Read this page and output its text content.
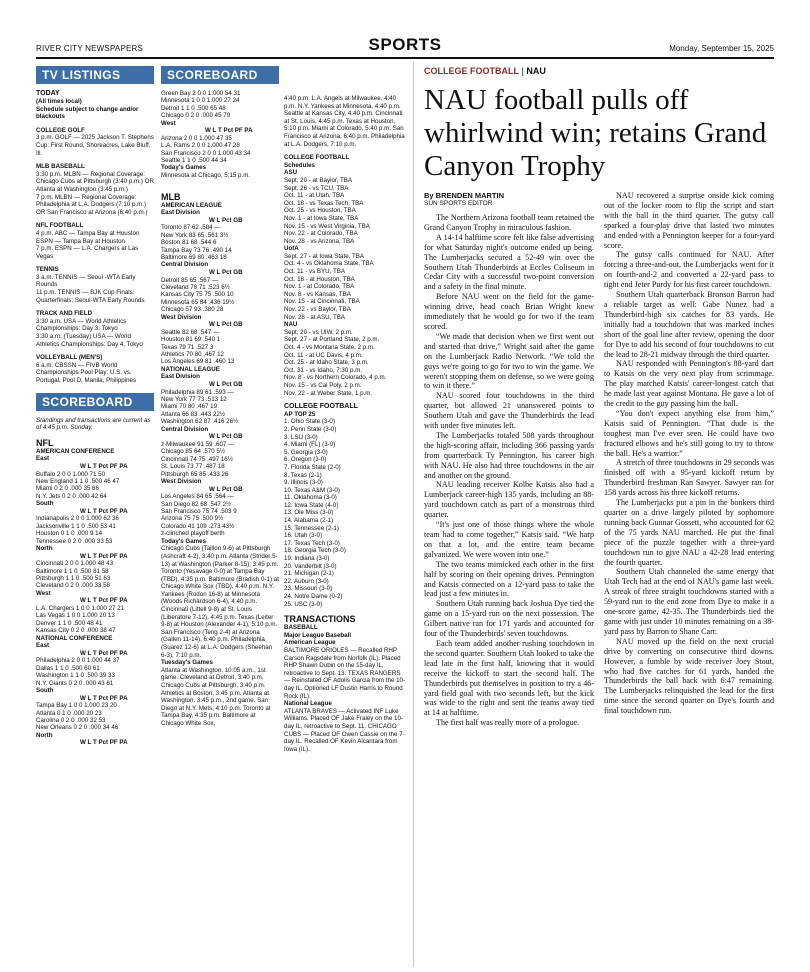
RIVER CITY NEWSPAPERS	SPORTS	Monday, September 15, 2025
TV LISTINGS
TODAY
(All times local)
Schedule subject to change and/or blackouts
COLLEGE GOLF
3 p.m. GOLF — 2025 Jackson T. Stephens Cup: First Round, Shoreacres, Lake Bluff, Ill.
MLB BASEBALL
3:30 p.m. MLBN — Regional Coverage: Chicago Cubs at Pittsburgh (3:40 p.m.) OR Atlanta at Washington (3:45 p.m.)
7 p.m. MLBN — Regional Coverage: Philadelphia at L.A. Dodgers (7:10 p.m.) OR San Francisco at Arizona (6:40 p.m.)
NFL FOOTBALL
4 p.m. ABC — Tampa Bay at Houston
ESPN — Tampa Bay at Houston
7 p.m. ESPN — L.A. Chargers at Las Vegas
TENNIS
3 a.m. TENNIS — Seoul -WTA Early Rounds
11 p.m. TENNIS — BJK Cup Finals: Quarterfinals; Seoul-WTA Early Rounds
TRACK AND FIELD
3:30 a.m. USA — World Athletics Championships: Day 3, Tokyo
3:30 a.m. (Tuesday) USA — World Athletics Championships: Day 4, Tokyo
VOLLEYBALL (MEN'S)
6 a.m. CBSSN — FIVB World Championships Pool Play: U.S. vs. Portugal, Pool D, Manila, Philippines
SCOREBOARD
Standings and transactions are current as of 4:45 p.m. Sunday.
NFL
AMERICAN CONFERENCE
East
W L T Pct PF PA
Buffalo 2 0 0 1.000 71 50
New England 1 1 0 .500 46 47
Miami 0 2 0 .000 35 66
N.Y. Jets 0 2 0 .000 42 64
South
W L T Pct PF PA
Indianapolis 2 0 0 1.000 62 36
Jacksonville 1 1 0 .500 53 41
Houston 0 1 0 .000 9 14
Tennessee 0 2 0 .000 33 53
North
W L T Pct PF PA
Cincinnati 2 0 0 1.000 48 43
Baltimore 1 1 0 .500 81 58
Pittsburgh 1 1 0 .500 51 63
Cleveland 0 2 0 .000 33 58
West
W L T Pct PF PA
L.A. Chargers 1 0 0 1.000 27 21
Las Vegas 1 0 0 1.000 20 13
Denver 1 1 0 .500 48 41
Kansas City 0 2 0 .000 38 47
NATIONAL CONFERENCE
East
W L T Pct PF PA
Philadelphia 2 0 0 1.000 44 37
Dallas 1 1 0 .500 60 61
Washington 1 1 0 .500 39 33
N.Y. Giants 0 2 0 .000 43 61
South
W L T Pct PF PA
Tampa Bay 1 0 0 1.000 23 20
Atlanta 0 1 0 .000 20 23
Carolina 0 2 0 .000 32 53
New Orleans 0 2 0 .000 34 46
North
W L T Pct PF PA
SCOREBOARD
Green Bay 2 0 0 1.000 54 31
Minnesota 1 0 0 1.000 27 24
Detroit 1 1 0 .500 65 48
Chicago 0 2 0 .000 45 79
West
W L T Pct PF PA
Arizona 2 0 0 1.000 47 35
L.A. Rams 2 0 0 1.000 47 28
San Francisco 2 0 0 1.000 43 34
Seattle 1 1 0 .500 44 34
Today's Games
Minnesota at Chicago, 5:15 p.m.
MLB
AMERICAN LEAGUE
East Division
W L Pct GB
Toronto 87 62 .584 —
New York 83 65 .561 3½
Boston 81 68 .544 6
Tampa Bay 73 76 .490 14
Baltimore 69 80 .463 18
Central Division
W L Pct GB
Detroit 85 65 .567 —
Cleveland 78 71 .523 6½
Kansas City 75 75 .500 10
Minnesota 65 84 .436 19½
Chicago 57 93 .380 28
West Division
W L Pct GB
Seattle 82 68 .547 —
Houston 81 69 .540 1
Texas 79 71 .527 3
Athletics 70 80 .467 12
Los Angeles 69 81 .460 13
NATIONAL LEAGUE
East Division
W L Pct GB
Philadelphia 89 61 .593 —
New York 77 73 .513 12
Miami 70 80 .467 19
Atlanta 66 83 .443 22½
Washington 62 87 .416 26½
Central Division
W L Pct GB
z-Milwaukee 91 59 .607 —
Chicago 85 64 .570 5½
Cincinnati 74 75 .497 16½
St. Louis 73 77 .487 18
Pittsburgh 65 85 .433 26
West Division
W L Pct GB
Los Angeles 84 65 .564 —
San Diego 82 68 .547 2½
San Francisco 75 74 .503 9
Arizona 75 75 .500 9½
Colorado 41 109 .273 43½
z-clinched playoff berth
Today's Games
Chicago Cubs (Taillon 9-6) at Pittsburgh (Ashcraft 4-2), 3:40 p.m. Atlanta (Strider 5-13) at Washington (Parker 8-15), 3:45 p.m. Toronto (Yesavage 0-0) at Tampa Bay (TBD), 4:35 p.m. Baltimore (Bradish 0-1) at Chicago White Sox (TBD), 4:40 p.m. N.Y. Yankees (Rodon 16-8) at Minnesota (Woods Richardson 6-4), 4:40 p.m. Cincinnati (Littell 9-8) at St. Louis (Liberatore 7-12), 4:45 p.m. Texas (Leiter 9-8) at Houston (Alexander 4-1), 5:10 p.m. San Francisco (Teng 2-4) at Arizona (Gallen 11-14), 6:40 p.m. Philadelphia (Suarez 12-6) at L.A. Dodgers (Sheehan 6-3), 7:10 p.m.
Tuesday's Games
Atlanta at Washington, 10:05 a.m., 1st game. Cleveland at Detroit, 3:40 p.m. Chicago Cubs at Pittsburgh, 3:40 p.m. Athletics at Boston, 3:45 p.m. Atlanta at Washington, 3:45 p.m., 2nd game. San Diego at N.Y. Mets, 4:10 p.m. Toronto at Tampa Bay, 4:35 p.m. Baltimore at Chicago White Sox,
4:40 p.m. L.A. Angels at Milwaukee, 4:40 p.m. N.Y. Yankees at Minnesota, 4:40 p.m. Seattle at Kansas City, 4:40 p.m. Cincinnati at St. Louis, 4:45 p.m. Texas at Houston, 5:10 p.m. Miami at Colorado, 5:40 p.m. San Francisco at Arizona, 6:40 p.m. Philadelphia at L.A. Dodgers, 7:10 p.m.
COLLEGE FOOTBALL
Schedules
ASU
Sept. 20 - at Baylor, TBA
Sept. 26 - vs TCU, TBA
Oct. 11 - at Utah, TBA
Oct. 18 - vs Texas Tech, TBA
Oct. 25 - vs Houston, TBA
Nov. 1 - at Iowa State, TBA
Nov. 15 - vs West Virginia, TBA
Nov. 22 - at Colorado, TBA
Nov. 28 - vs Arizona, TBA
UofA
Sept. 27 - at Iowa State, TBA
Oct. 4 - vs Oklahoma State, TBA
Oct. 11 - vs BYU, TBA
Oct. 18 - at Houston, TBA
Nov. 1 - at Colorado, TBA
Nov. 8 - vs Kansas, TBA
Nov. 15 - at Cincinnati, TBA
Nov. 22 - vs Baylor, TBA
Nov. 28 - at ASU, TBA
NAU
Sept. 20 - vs UIW, 2 p.m.
Sept. 27 - at Portland State, 2 p.m.
Oct. 4 - vs Montana State, 2 p.m.
Oct. 11 - at UC Davis, 4 p.m.
Oct. 25 - at Idaho State, 3 p.m.
Oct. 31 - vs Idaho, 7:30 p.m.
Nov. 8 - vs Northern Colorado, 4 p.m.
Nov. 15 - vs Cal Poly, 2 p.m.
Nov. 22 - at Weber State, 1 p.m.
COLLEGE FOOTBALL
AP TOP 25
1. Ohio State (3-0)
2. Penn State (3-0)
3. LSU (3-0)
4. Miami (FL) (3-0)
5. Georgia (3-0)
6. Oregon (3-0)
7. Florida State (2-0)
8. Texas (2-1)
9. Illinois (3-0)
10. Texas A&M (3-0)
11. Oklahoma (3-0)
12. Iowa State (4-0)
13. Ole Miss (3-0)
14. Alabama (2-1)
15. Tennessee (2-1)
16. Utah (3-0)
17. Texas Tech (3-0)
18. Georgia Tech (3-0)
19. Indiana (3-0)
20. Vanderbilt (3-0)
21. Michigan (2-1)
22. Auburn (3-0)
23. Missouri (3-0)
24. Notre Dame (0-2)
25. USC (3-0)
TRANSACTIONS
BASEBALL
Major League Baseball
American League
BALTIMORE ORIOLES — Recalled RHP Carson Ragsdale from Norfolk (IL). Placed RHP Shawn Dubin on the 15-day IL, retroactive to Sept. 13. TEXAS RANGERS — Reinstated OF Adolis Garcia from the 10-day IL. Optioned LF Dustin Harris to Round Rock (IL).
National League
ATLANTA BRAVES — Activated INF Luke Williams. Placed OF Jake Fraley on the 10-day IL, retroactive to Sept. 11. CHICAGO CUBS — Placed OF Owen Cassie on the 7-day IL. Recalled OF Kevin Alcantara from Iowa (IL).
COLLEGE FOOTBALL | NAU
NAU football pulls off whirlwind win; retains Grand Canyon Trophy
By BRENDEN MARTIN
SUN SPORTS EDITOR

The Northern Arizona football team retained the Grand Canyon Trophy in miraculous fashion.

A 14-14 halftime score felt like false advertising for what Saturday night's outcome ended up being. The Lumberjacks secured a 52-49 win over the Southern Utah Thunderbirds at Eccles Coliseum in Cedar City with a successful two-point conversion and a safety in the final minute.

Before NAU went on the field for the game-winning drive, head coach Brian Wright knew immediately that he would go for two if the team scored.

“We made that decision when we first went out and started that drive,” Wright said after the game on the Lumberjack Radio Network. “We told the guys we're going to go for two to win the game. We weren't stopping them on defense, so we were going to win it there.”

NAU scored four touchdowns in the third quarter, but allowed 21 unanswered points to Southern Utah and gave the Thunderbirds the lead with under five minutes left.

The Lumberjacks totaled 508 yards throughout the high-scoring affair, including 366 passing yards from quarterback Ty Pennington, his career high with NAU. He also had three touchdowns in the air and another on the ground.

NAU leading receiver Kolbe Katsis also had a Lumberjack career-high 135 yards, including an 88-yard touchdown catch as part of a monstrous third quarter.

“It's just one of those things where the whole team had to come together,” Katsis said. “We harp on that a lot, and the entire team became galvanized. We were woven into one.”

The two teams mimicked each other in the first half by scoring on their opening drives. Pennington and Katsis connected on a 12-yard pass to take the lead just a few minutes in.

Southern Utah running back Joshua Dye tied the game on a 15-yard run on the next possession. The Gilbert native ran for 171 yards and accounted for four of the Thunderbirds' seven touchdowns.

Each team added another rushing touchdown in the second quarter. Southern Utah looked to take the lead late in the first half, knowing that it would receive the kickoff to start the second half. The Thunderbirds put themselves in position to try a 46-yard field goal with two seconds left, but the kick was wide to the right and sent the teams away tied at 14 at halftime.

The first half was really more of a prologue.

NAU recovered a surprise onside kick coming out of the locker room to flip the script and start with the ball in the third quarter. The gutsy call sparked a four-play drive that lasted two minutes and ended with a Pennington keeper for a four-yard score.

The gutsy calls continued for NAU. After forcing a three-and-out, the Lumberjacks went for it on fourth-and-2 and converted a 22-yard pass to tight end Jeter Purdy for his first career touchdown.

Southern Utah quarterback Bronson Barron had a reliable target as well: Gabe Nunez had a Thunderbird-high six catches for 83 yards. He initially had a touchdown that was marked inches short of the goal line after review, opening the door for Dye to add his second of four touchdowns to cut the lead to 28-21 midway through the third quarter.

NAU responded with Pennington's 88-yard dart to Katsis on the very next play from scrimmage. The play matched Katsis' career-longest catch that he made last year against Montana. He gave a lot of the credit to the guy passing him the ball.

“You don't expect anything else from him,” Katsis said of Pennington. “That dude is the toughest man I've ever seen. He could have two fractured elbows and he's still going to try to throw the ball. He's a warrior.”

A stretch of three touchdowns in 29 seconds was finished off with a 95-yard kickoff return by Thunderbird freshman Ran Sawyer. Sawyer ran for 158 yards across his three kickoff returns.

The Lumberjacks put a pin in the bonkers third quarter on a drive largely piloted by sophomore running back Gunnar Gossett, who accounted for 62 of the 75 yards NAU marched. He put the final piece of the puzzle together with a three-yard touchdown run to give NAU a 42-28 lead entering the fourth quarter.

Southern Utah channeled the same energy that Utah Tech had at the end of NAU's game last week. A streak of three straight touchdowns started with a 59-yard run to the end zone from Dye to make it a one-score game, 42-35. The Thunderbirds tied the game with just under 10 minutes remaining on a 38-yard pass by Barron to Shane Carr.

NAU moved up the field on the next crucial drive by converting on consecutive third downs. However, a fumble by wide receiver Joey Stout, who had five catches for 61 yards, handed the Thunderbirds the ball back with 6:47 remaining. The Lumberjacks relinquished the lead for the first time since the second quarter on Dye's fourth and final touchdown run.
